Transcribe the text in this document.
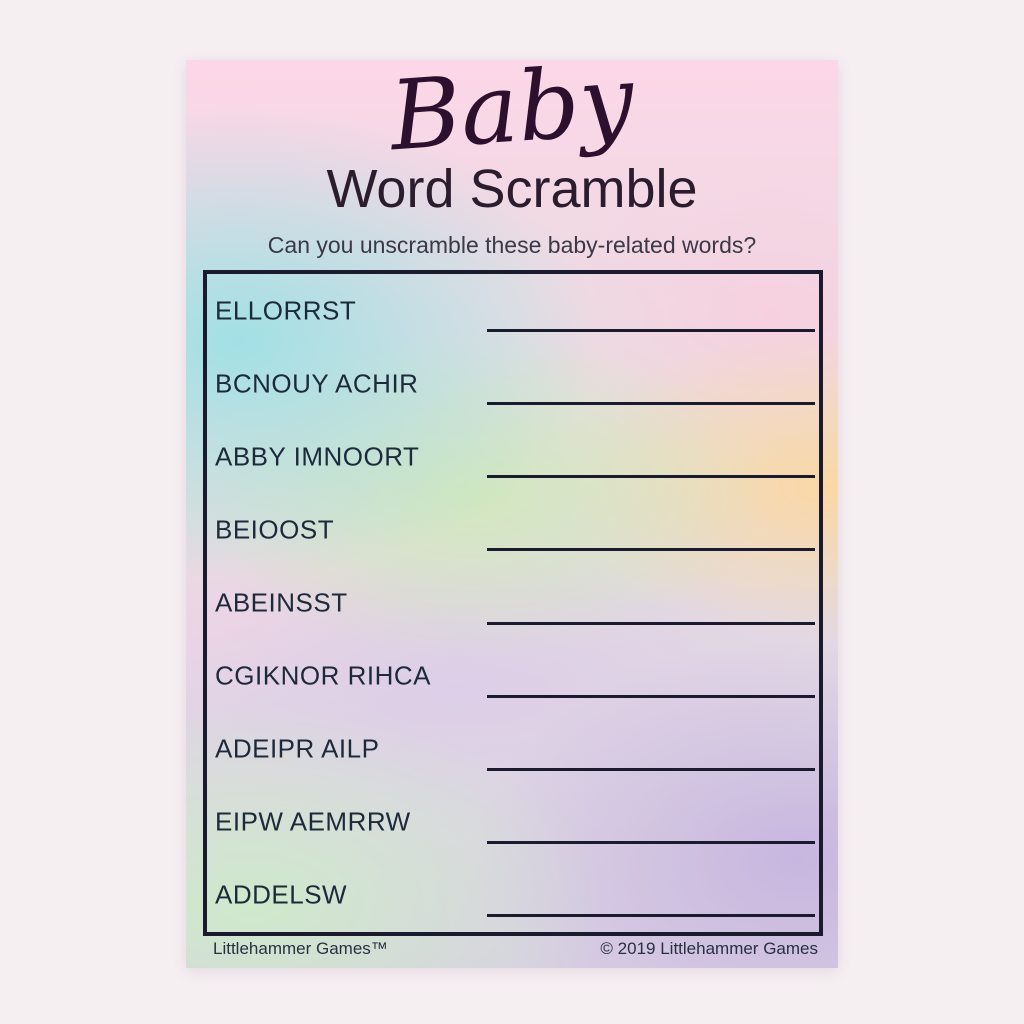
Baby
Word Scramble
Can you unscramble these baby-related words?
ELLORRST
BCNOUY ACHIR
ABBY IMNOORT
BEIOOST
ABEINSST
CGIKNOR RIHCA
ADEIPR AILP
EIPW AEMRRW
ADDELSW
Littlehammer Games™	© 2019 Littlehammer Games
